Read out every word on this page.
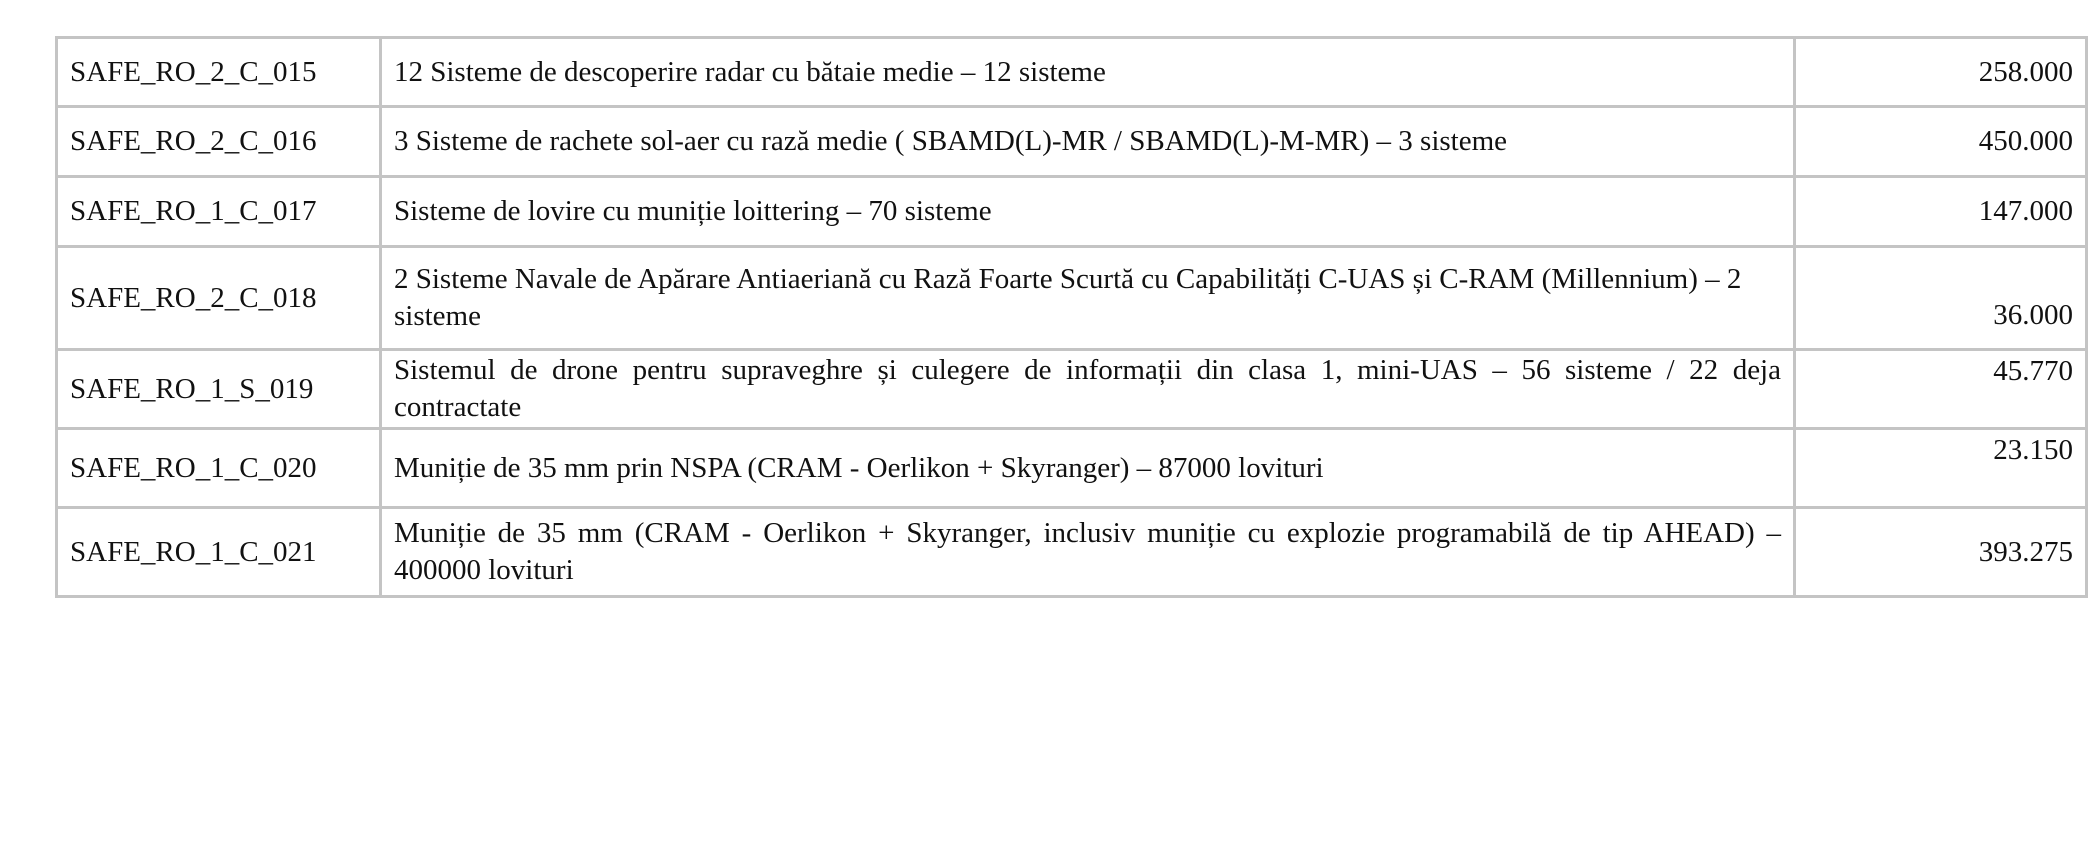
SAFE_RO_2_C_015	12 Sisteme de descoperire radar cu bătaie medie – 12 sisteme	258.000
SAFE_RO_2_C_016	3 Sisteme de rachete sol-aer cu rază medie ( SBAMD(L)-MR / SBAMD(L)-M-MR) – 3 sisteme	450.000
SAFE_RO_1_C_017	Sisteme de lovire cu muniție loittering – 70 sisteme	147.000
SAFE_RO_2_C_018	2 Sisteme Navale de Apărare Antiaeriană cu Rază Foarte Scurtă cu Capabilități C-UAS și C-RAM (Millennium) – 2 sisteme	36.000
SAFE_RO_1_S_019	Sistemul de drone pentru supraveghre și culegere de informații din clasa 1, mini-UAS – 56 sisteme / 22 deja contractate	45.770
SAFE_RO_1_C_020	Muniție de 35 mm prin NSPA (CRAM - Oerlikon + Skyranger) – 87000 lovituri	23.150
SAFE_RO_1_C_021	Muniție de 35 mm (CRAM - Oerlikon + Skyranger, inclusiv muniție cu explozie programabilă de tip AHEAD) – 400000 lovituri	393.275
